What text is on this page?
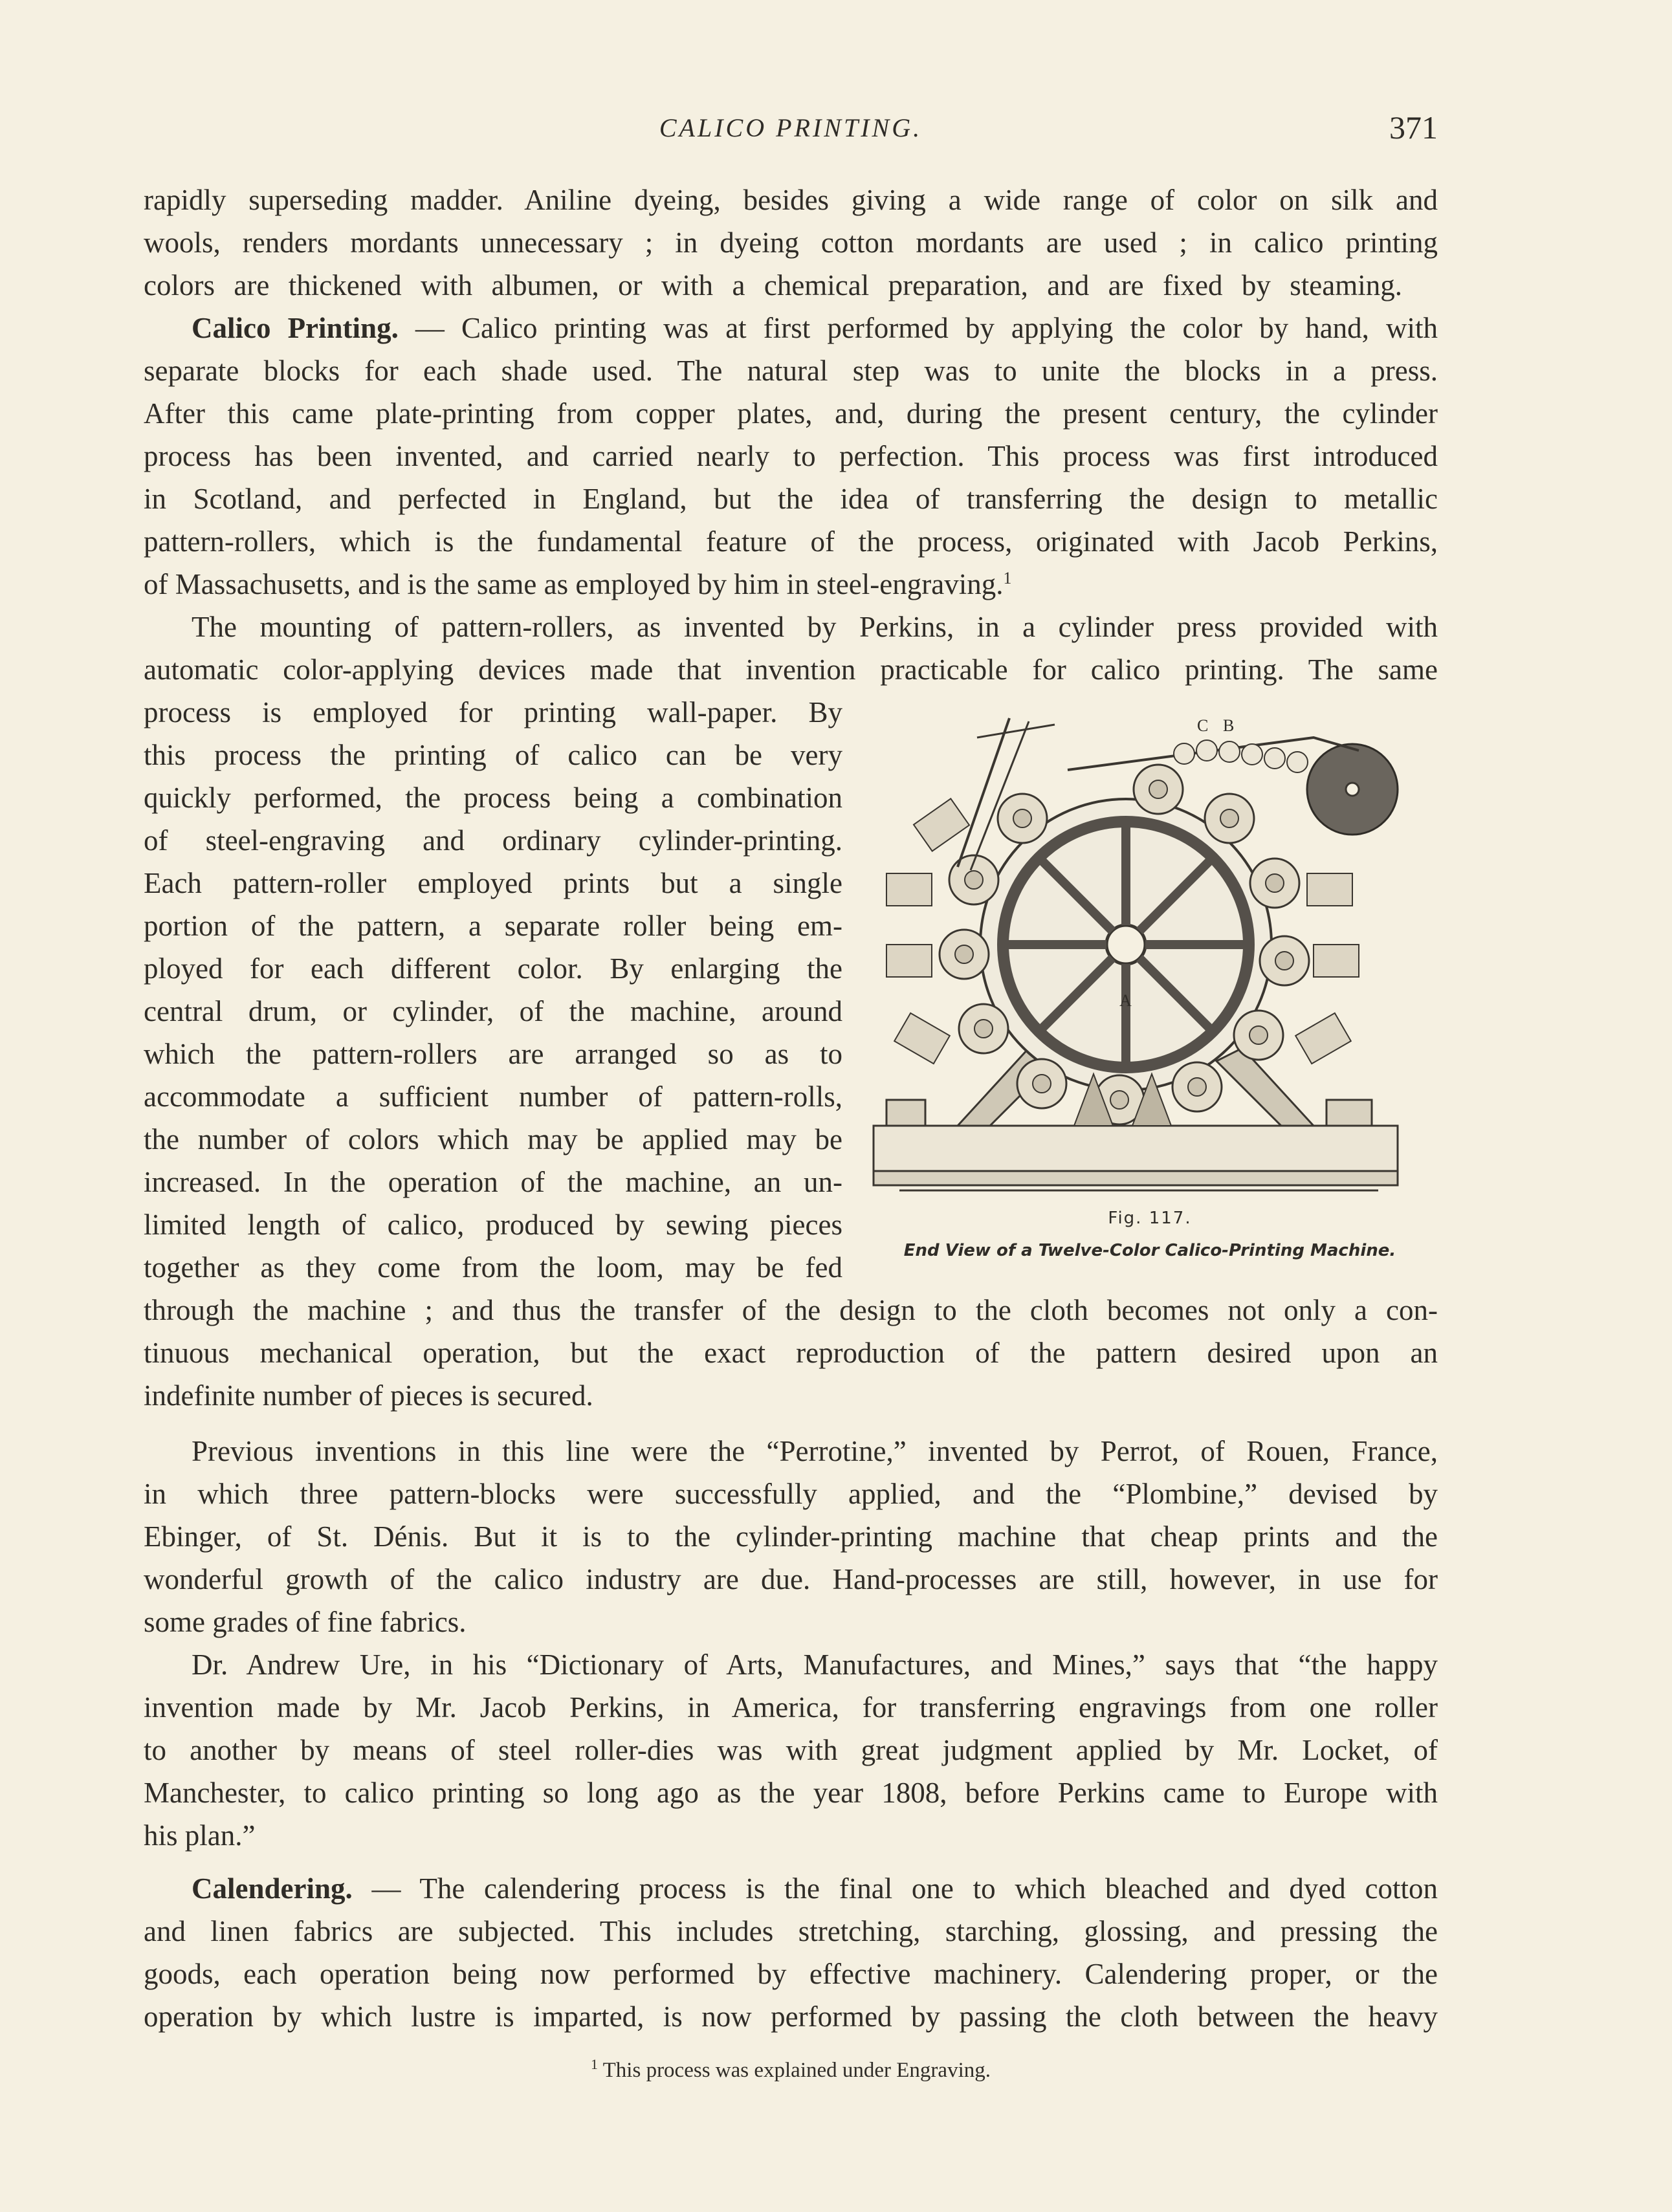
CALICO PRINTING.	371
rapidly superseding madder. Aniline dyeing, besides giving a wide range of color on silk and
wools, renders mordants unnecessary ; in dyeing cotton mordants are used ; in calico printing
colors are thickened with albumen, or with a chemical preparation, and are fixed by steaming.
Calico Printing. — Calico printing was at first performed by applying the color by hand, with
separate blocks for each shade used. The natural step was to unite the blocks in a press.
After this came plate-printing from copper plates, and, during the present century, the cylinder
process has been invented, and carried nearly to perfection. This process was first introduced
in Scotland, and perfected in England, but the idea of transferring the design to metallic
pattern-rollers, which is the fundamental feature of the process, originated with Jacob Perkins,
of Massachusetts, and is the same as employed by him in steel-engraving.$^1$
The mounting of pattern-rollers, as invented by Perkins, in a cylinder press provided with
automatic color-applying devices made that invention practicable for calico printing. The same
process is employed for printing wall-paper. By
this process the printing of calico can be very
quickly performed, the process being a combination
of steel-engraving and ordinary cylinder-printing.
Each pattern-roller employed prints but a single
portion of the pattern, a separate roller being em-
ployed for each different color. By enlarging the
central drum, or cylinder, of the machine, around
which the pattern-rollers are arranged so as to
accommodate a sufficient number of pattern-rolls,
the number of colors which may be applied may be
increased. In the operation of the machine, an un-
limited length of calico, produced by sewing pieces
together as they come from the loom, may be fed
through the machine ; and thus the transfer of the design to the cloth becomes not only a con-
tinuous mechanical operation, but the exact reproduction of the pattern desired upon an
indefinite number of pieces is secured.
Previous inventions in this line were the “Perrotine,” invented by Perrot, of Rouen, France,
in which three pattern-blocks were successfully applied, and the “Plombine,” devised by
Ebinger, of St. Dénis. But it is to the cylinder-printing machine that cheap prints and the
wonderful growth of the calico industry are due. Hand-processes are still, however, in use for
some grades of fine fabrics.
Dr. Andrew Ure, in his “Dictionary of Arts, Manufactures, and Mines,” says that “the happy
invention made by Mr. Jacob Perkins, in America, for transferring engravings from one roller
to another by means of steel roller-dies was with great judgment applied by Mr. Locket, of
Manchester, to calico printing so long ago as the year 1808, before Perkins came to Europe with
his plan.”
Calendering. — The calendering process is the final one to which bleached and dyed cotton
and linen fabrics are subjected. This includes stretching, starching, glossing, and pressing the
goods, each operation being now performed by effective machinery. Calendering proper, or the
operation by which lustre is imparted, is now performed by passing the cloth between the heavy
C B
A
Fig. 117.
End View of a Twelve-Color Calico-Printing Machine.
$^1$ This process was explained under Engraving.
